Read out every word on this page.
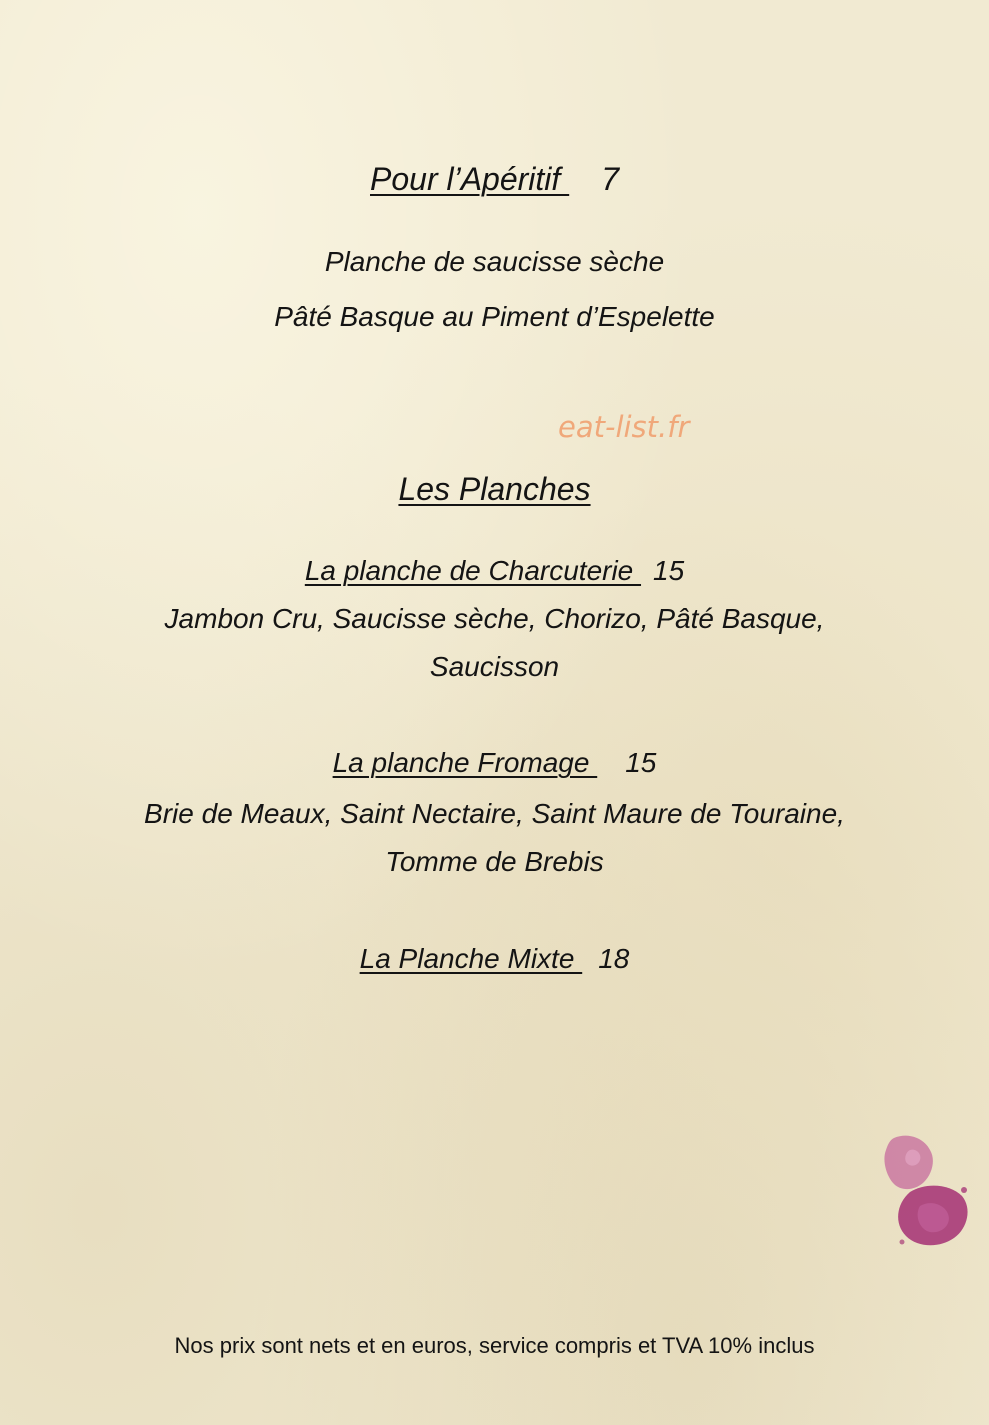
Pour l’Apéritif 7
Planche de saucisse sèche
Pâté Basque au Piment d’Espelette
eat-list.fr
Les Planches
La planche de Charcuterie 15
Jambon Cru, Saucisse sèche, Chorizo, Pâté Basque,
Saucisson
La planche Fromage 15
Brie de Meaux, Saint Nectaire, Saint Maure de Touraine,
Tomme de Brebis
La Planche Mixte 18
Nos prix sont nets et en euros, service compris et TVA 10% inclus
